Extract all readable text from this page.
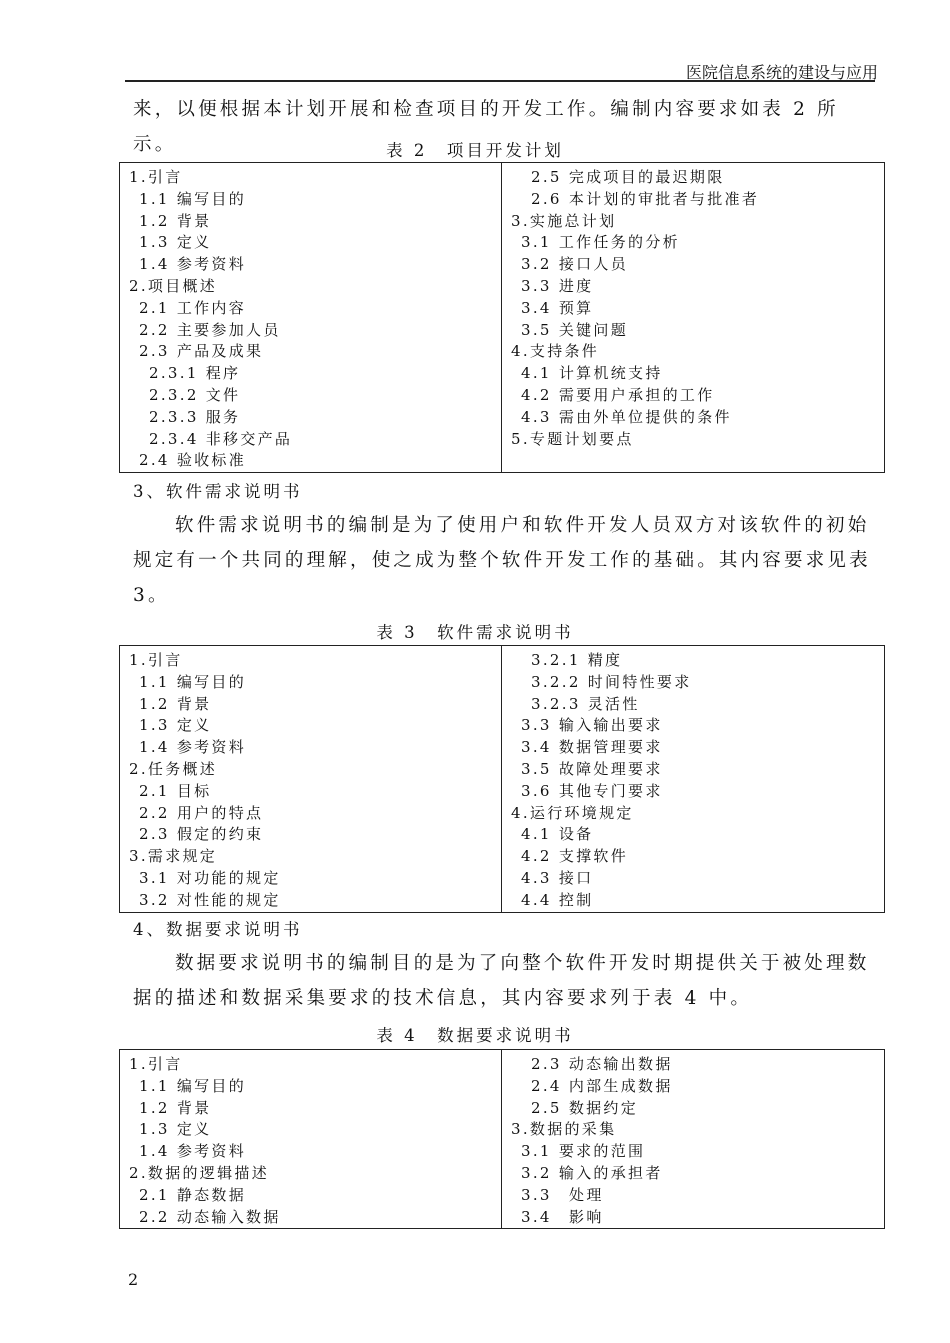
医院信息系统的建设与应用
来，以便根据本计划开展和检查项目的开发工作。编制内容要求如表 2 所示。	表 2　项目开发计划
1.引言
1.1 编写目的
1.2 背景
1.3 定义
1.4 参考资料
2.项目概述
2.1 工作内容
2.2 主要参加人员
2.3 产品及成果
2.3.1 程序
2.3.2 文件
2.3.3 服务
2.3.4 非移交产品
2.4 验收标准

2.5 完成项目的最迟期限
2.6 本计划的审批者与批准者
3.实施总计划
3.1 工作任务的分析
3.2 接口人员
3.3 进度
3.4 预算
3.5 关键问题
4.支持条件
4.1 计算机统支持
4.2 需要用户承担的工作
4.3 需由外单位提供的条件
5.专题计划要点
3、软件需求说明书
软件需求说明书的编制是为了使用户和软件开发人员双方对该软件的初始规定有一个共同的理解，使之成为整个软件开发工作的基础。其内容要求见表 3。
表 3　软件需求说明书
1.引言
1.1 编写目的
1.2 背景
1.3 定义
1.4 参考资料
2.任务概述
2.1 目标
2.2 用户的特点
2.3 假定的约束
3.需求规定
3.1 对功能的规定
3.2 对性能的规定

3.2.1 精度
3.2.2 时间特性要求
3.2.3 灵活性
3.3 输入输出要求
3.4 数据管理要求
3.5 故障处理要求
3.6 其他专门要求
4.运行环境规定
4.1 设备
4.2 支撑软件
4.3 接口
4.4 控制
4、数据要求说明书
数据要求说明书的编制目的是为了向整个软件开发时期提供关于被处理数据的描述和数据采集要求的技术信息，其内容要求列于表 4 中。
表 4　数据要求说明书
1.引言
1.1 编写目的
1.2 背景
1.3 定义
1.4 参考资料
2.数据的逻辑描述
2.1 静态数据
2.2 动态输入数据

2.3 动态输出数据
2.4 内部生成数据
2.5 数据约定
3.数据的采集
3.1 要求的范围
3.2 输入的承担者
3.3　处理
3.4　影响
2
